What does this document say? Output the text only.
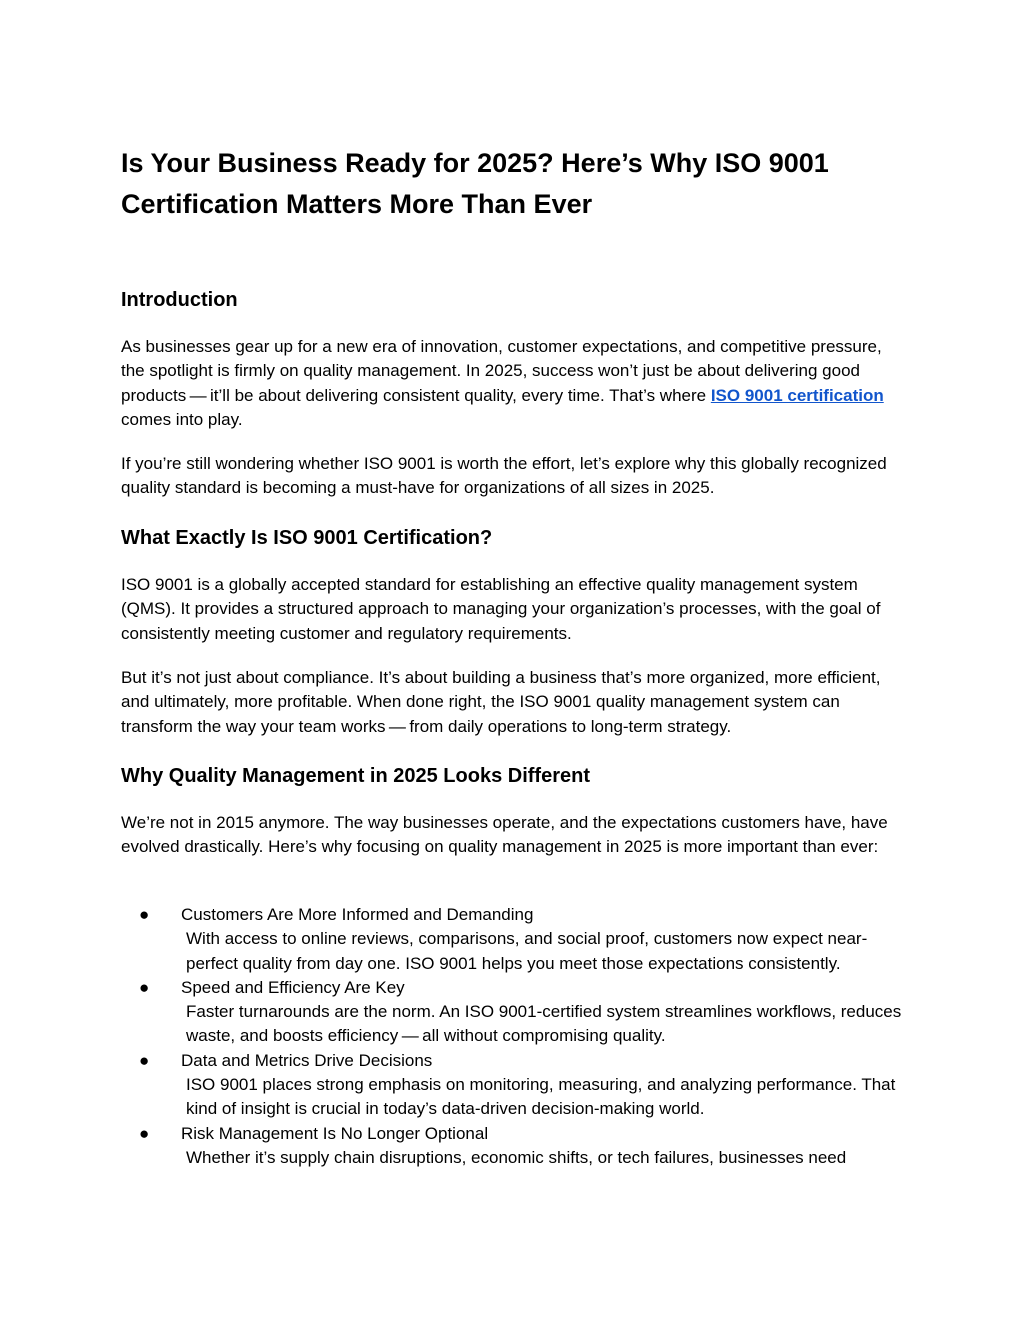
Is Your Business Ready for 2025? Here’s Why ISO 9001 Certification Matters More Than Ever
Introduction

As businesses gear up for a new era of innovation, customer expectations, and competitive pressure, the spotlight is firmly on quality management. In 2025, success won’t just be about delivering good products — it’ll be about delivering consistent quality, every time. That’s where ISO 9001 certification comes into play.

If you’re still wondering whether ISO 9001 is worth the effort, let’s explore why this globally recognized quality standard is becoming a must-have for organizations of all sizes in 2025.

What Exactly Is ISO 9001 Certification?

ISO 9001 is a globally accepted standard for establishing an effective quality management system (QMS). It provides a structured approach to managing your organization’s processes, with the goal of consistently meeting customer and regulatory requirements.

But it’s not just about compliance. It’s about building a business that’s more organized, more efficient, and ultimately, more profitable. When done right, the ISO 9001 quality management system can transform the way your team works — from daily operations to long-term strategy.

Why Quality Management in 2025 Looks Different

We’re not in 2015 anymore. The way businesses operate, and the expectations customers have, have evolved drastically. Here’s why focusing on quality management in 2025 is more important than ever:

● Customers Are More Informed and Demanding
With access to online reviews, comparisons, and social proof, customers now expect near-perfect quality from day one. ISO 9001 helps you meet those expectations consistently.
● Speed and Efficiency Are Key
Faster turnarounds are the norm. An ISO 9001-certified system streamlines workflows, reduces waste, and boosts efficiency — all without compromising quality.
● Data and Metrics Drive Decisions
ISO 9001 places strong emphasis on monitoring, measuring, and analyzing performance. That kind of insight is crucial in today’s data-driven decision-making world.
● Risk Management Is No Longer Optional
Whether it’s supply chain disruptions, economic shifts, or tech failures, businesses need
